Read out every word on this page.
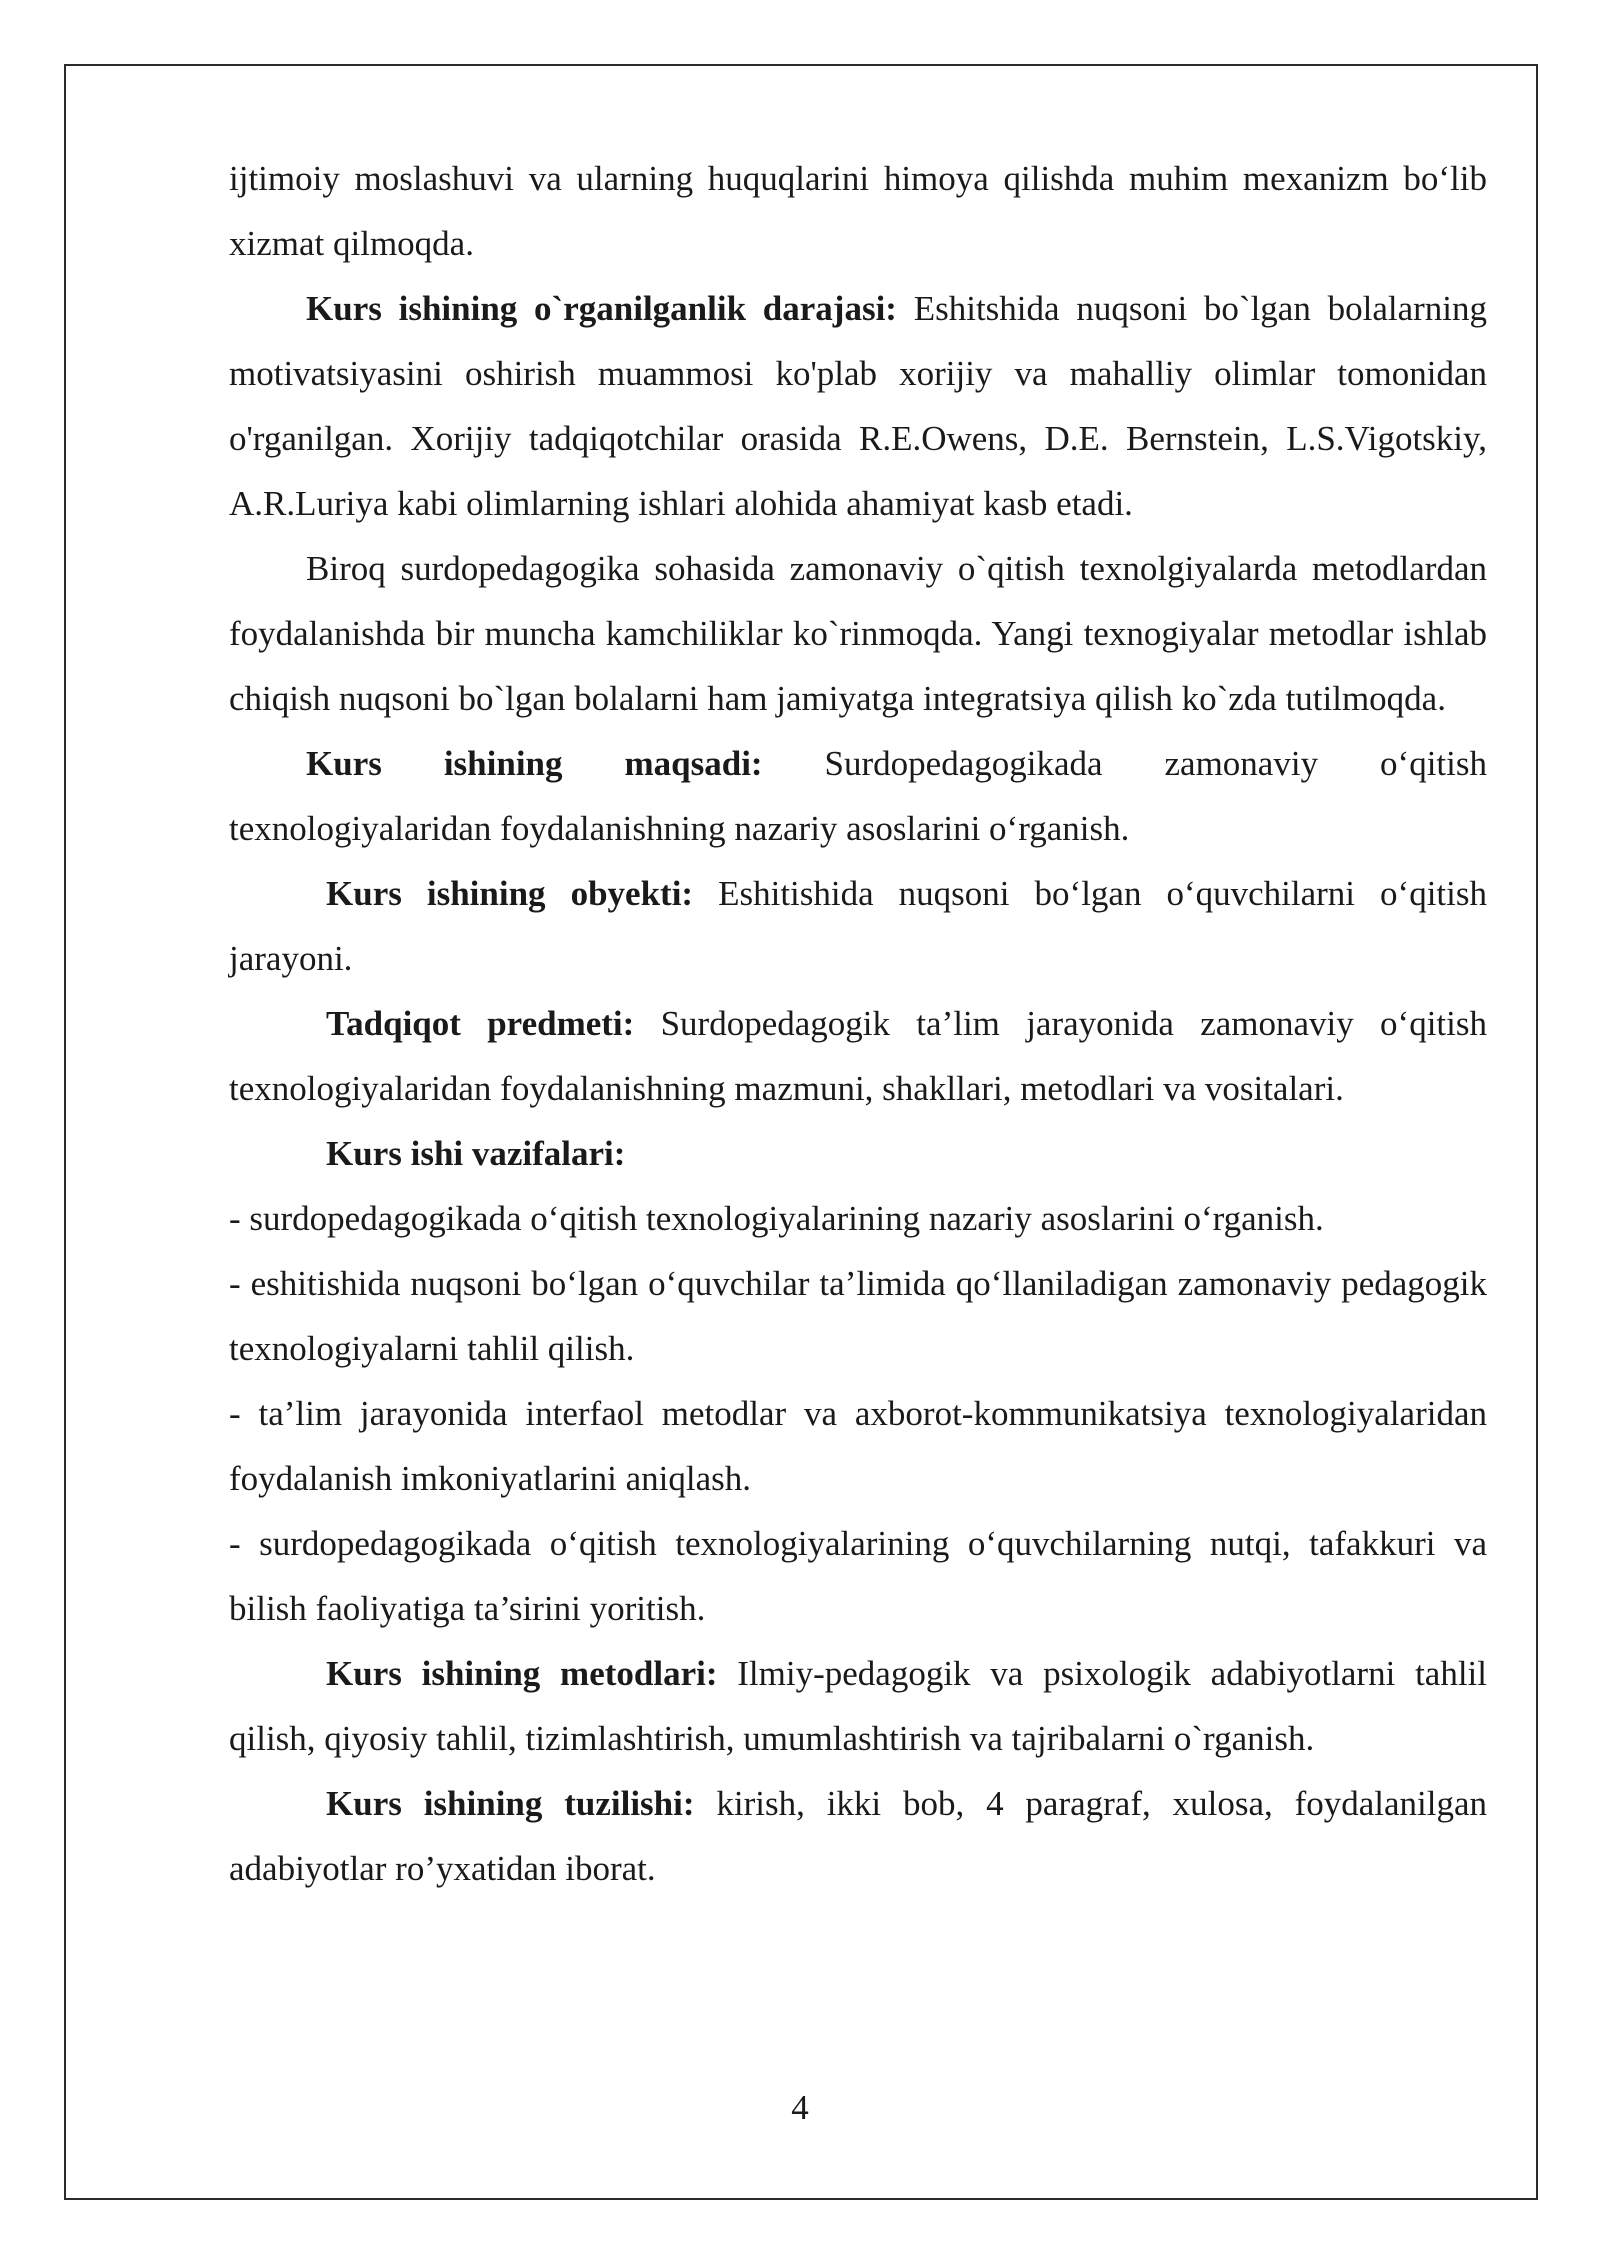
ijtimoiy moslashuvi va ularning huquqlarini himoya qilishda muhim mexanizm bo‘lib xizmat qilmoqda.

Kurs ishining o`rganilganlik darajasi: Eshitshida nuqsoni bo`lgan bolalarning motivatsiyasini oshirish muammosi ko'plab xorijiy va mahalliy olimlar tomonidan o'rganilgan. Xorijiy tadqiqotchilar orasida R.E.Owens, D.E. Bernstein, L.S.Vigotskiy, A.R.Luriya kabi olimlarning ishlari alohida ahamiyat kasb etadi.

Biroq surdopedagogika sohasida zamonaviy o`qitish texnolgiyalarda metodlardan foydalanishda bir muncha kamchiliklar ko`rinmoqda. Yangi texnogiyalar metodlar ishlab chiqish nuqsoni bo`lgan bolalarni ham jamiyatga integratsiya qilish ko`zda tutilmoqda.

Kurs ishining maqsadi: Surdopedagogikada zamonaviy o‘qitish texnologiyalaridan foydalanishning nazariy asoslarini o‘rganish.

Kurs ishining obyekti: Eshitishida nuqsoni bo‘lgan o‘quvchilarni o‘qitish jarayoni.

Tadqiqot predmeti: Surdopedagogik ta’lim jarayonida zamonaviy o‘qitish texnologiyalaridan foydalanishning mazmuni, shakllari, metodlari va vositalari.

Kurs ishi vazifalari:

- surdopedagogikada o‘qitish texnologiyalarining nazariy asoslarini o‘rganish.

- eshitishida nuqsoni bo‘lgan o‘quvchilar ta’limida qo‘llaniladigan zamonaviy pedagogik texnologiyalarni tahlil qilish.

- ta’lim jarayonida interfaol metodlar va axborot-kommunikatsiya texnologiyalaridan foydalanish imkoniyatlarini aniqlash.

- surdopedagogikada o‘qitish texnologiyalarining o‘quvchilarning nutqi, tafakkuri va bilish faoliyatiga ta’sirini yoritish.

Kurs ishining metodlari: Ilmiy-pedagogik va psixologik adabiyotlarni tahlil qilish, qiyosiy tahlil, tizimlashtirish, umumlashtirish va tajribalarni o`rganish.

Kurs ishining tuzilishi: kirish, ikki bob, 4 paragraf, xulosa, foydalanilgan adabiyotlar ro’yxatidan iborat.

4
